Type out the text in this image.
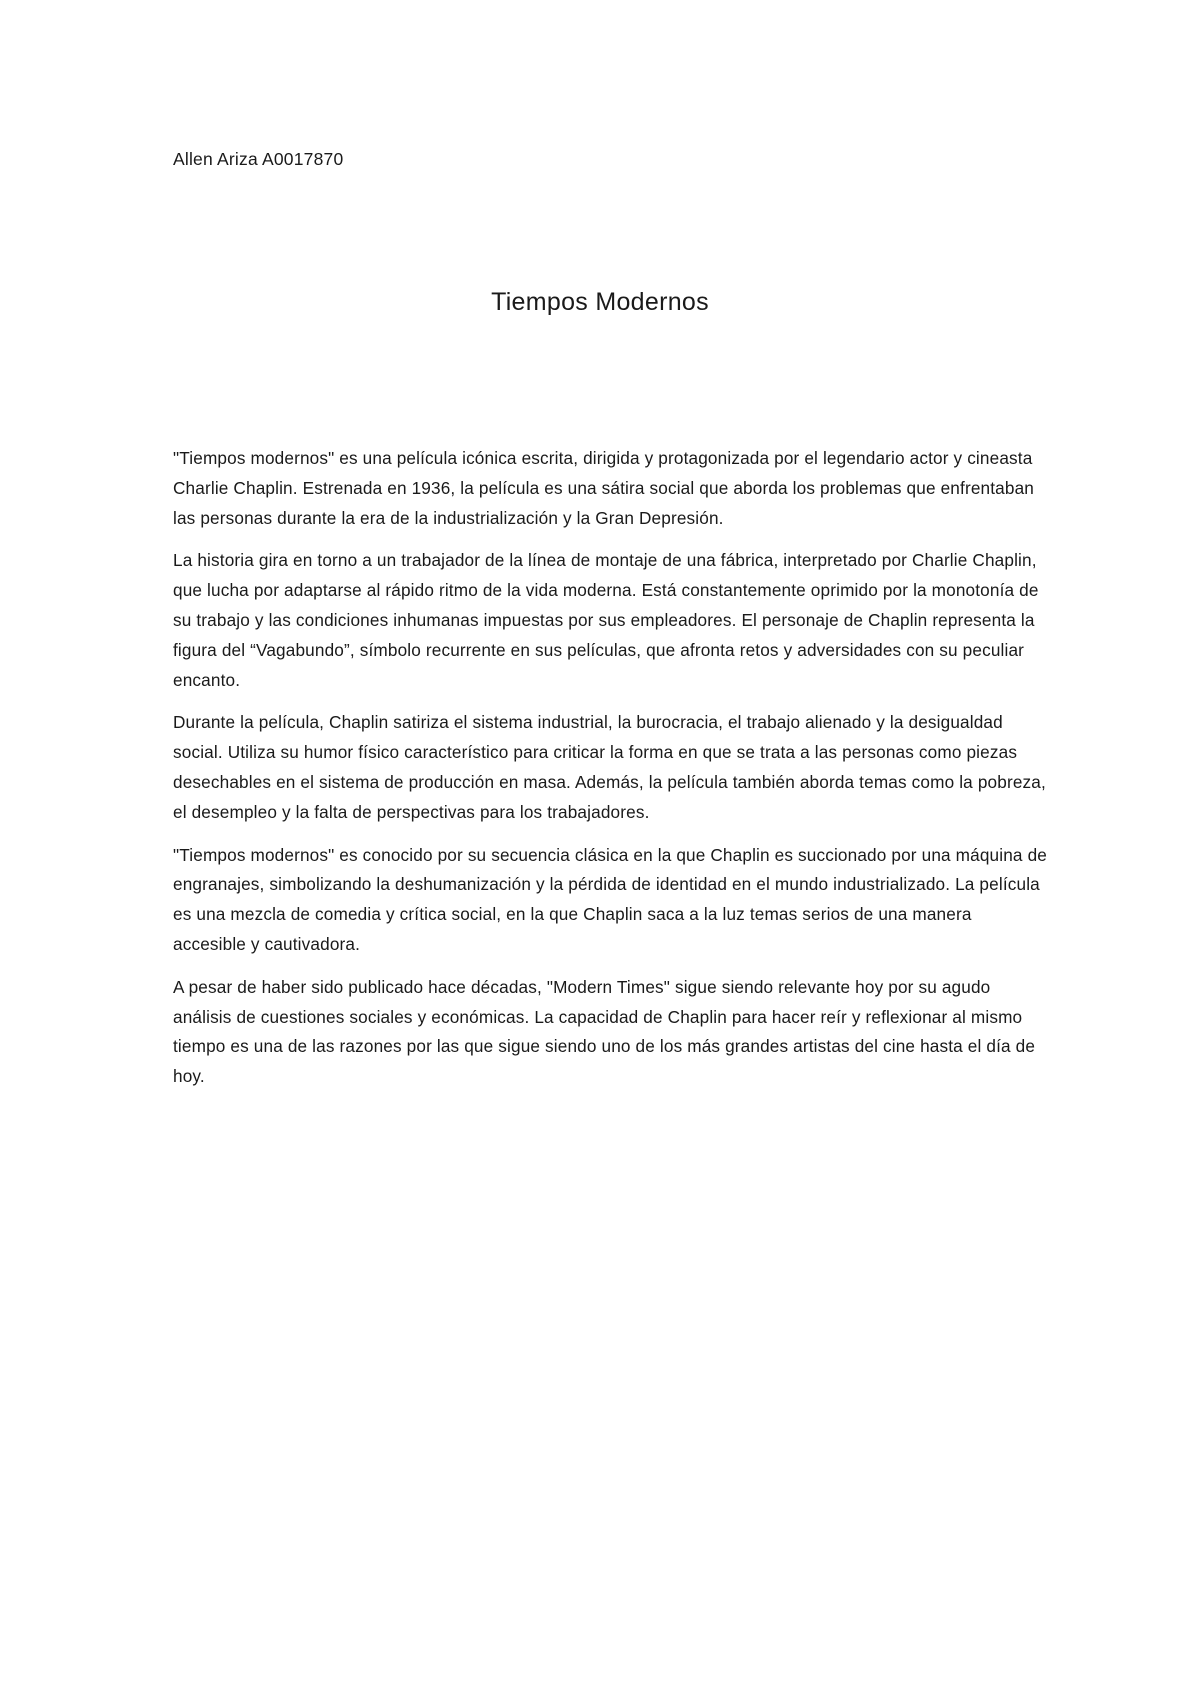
Allen Ariza A0017870
Tiempos Modernos

"Tiempos modernos" es una película icónica escrita, dirigida y protagonizada por el legendario actor y cineasta Charlie Chaplin. Estrenada en 1936, la película es una sátira social que aborda los problemas que enfrentaban las personas durante la era de la industrialización y la Gran Depresión.

La historia gira en torno a un trabajador de la línea de montaje de una fábrica, interpretado por Charlie Chaplin, que lucha por adaptarse al rápido ritmo de la vida moderna. Está constantemente oprimido por la monotonía de su trabajo y las condiciones inhumanas impuestas por sus empleadores. El personaje de Chaplin representa la figura del “Vagabundo”, símbolo recurrente en sus películas, que afronta retos y adversidades con su peculiar encanto.

Durante la película, Chaplin satiriza el sistema industrial, la burocracia, el trabajo alienado y la desigualdad social. Utiliza su humor físico característico para criticar la forma en que se trata a las personas como piezas desechables en el sistema de producción en masa. Además, la película también aborda temas como la pobreza, el desempleo y la falta de perspectivas para los trabajadores.

"Tiempos modernos" es conocido por su secuencia clásica en la que Chaplin es succionado por una máquina de engranajes, simbolizando la deshumanización y la pérdida de identidad en el mundo industrializado. La película es una mezcla de comedia y crítica social, en la que Chaplin saca a la luz temas serios de una manera accesible y cautivadora.

A pesar de haber sido publicado hace décadas, "Modern Times" sigue siendo relevante hoy por su agudo análisis de cuestiones sociales y económicas. La capacidad de Chaplin para hacer reír y reflexionar al mismo tiempo es una de las razones por las que sigue siendo uno de los más grandes artistas del cine hasta el día de hoy.
